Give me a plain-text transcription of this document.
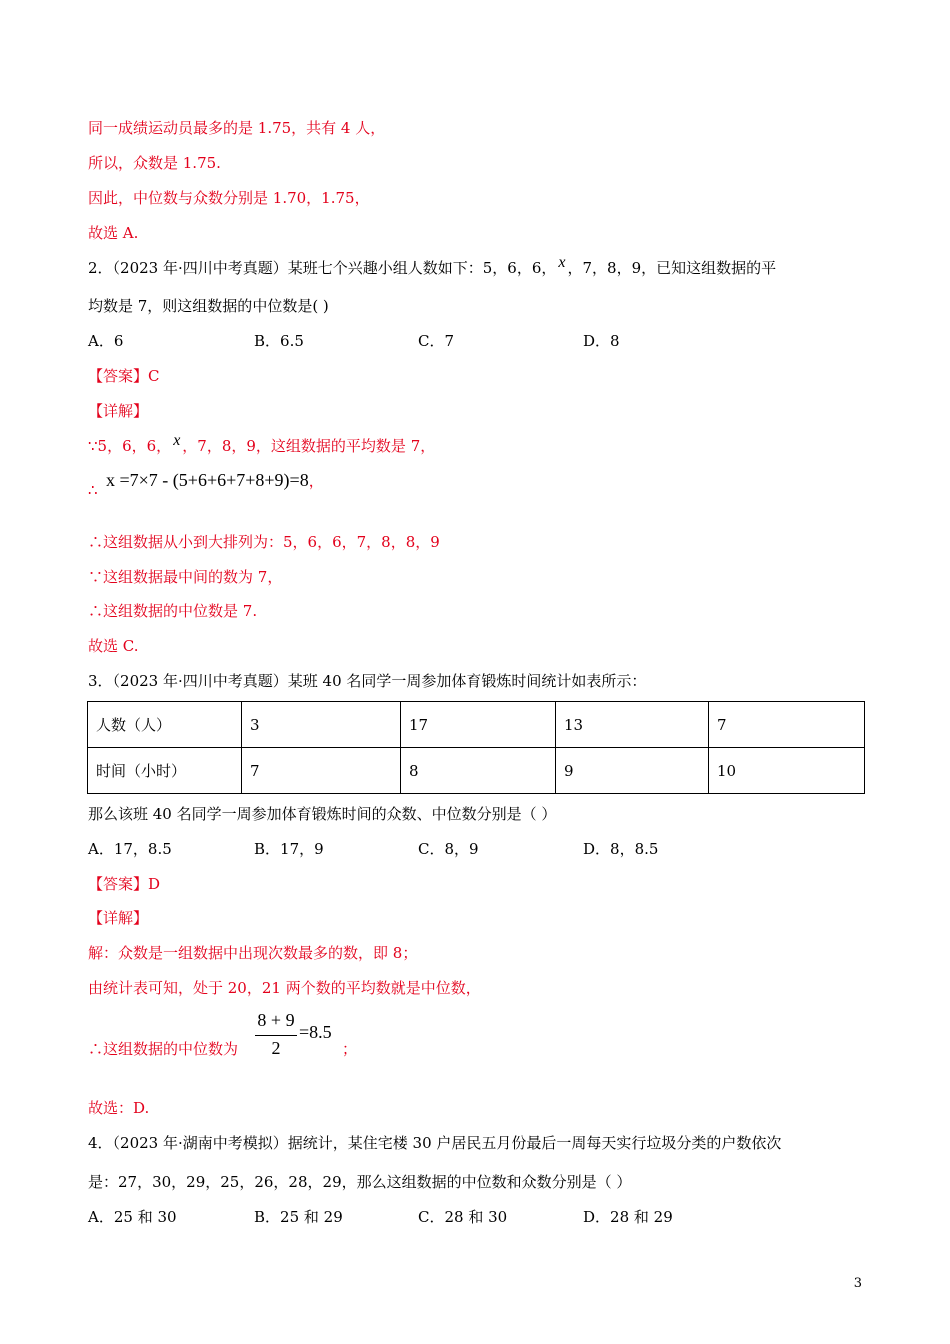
同一成绩运动员最多的是 1.75，共有 4 人，
所以，众数是 1.75.
因此，中位数与众数分别是 1.70，1.75，
故选 A.
2．（2023 年·四川中考真题）某班七个兴趣小组人数如下：5，6，6， x ，7，8，9，已知这组数据的平
均数是 7，则这组数据的中位数是( )
A．6	B．6.5	C．7	D．8
【答案】C
【详解】
∵5，6，6， x ，7，8，9，这组数据的平均数是 7，
∴ x =7×7 - (5+6+6+7+8+9)=8，
∴这组数据从小到大排列为：5，6，6，7，8，8，9
∵这组数据最中间的数为 7，
∴这组数据的中位数是 7.
故选 C.
3．（2023 年·四川中考真题）某班 40 名同学一周参加体育锻炼时间统计如表所示：
人数（人）	3	17	13	7
时间（小时）	7	8	9	10
那么该班 40 名同学一周参加体育锻炼时间的众数、中位数分别是（ ）
A．17，8.5	B．17，9	C．8，9	D．8，8.5
【答案】D
【详解】
解：众数是一组数据中出现次数最多的数，即 8；
由统计表可知，处于 20，21 两个数的平均数就是中位数，
∴这组数据的中位数为
8 + 9
2
=8.5
；
故选：D.
4．（2023 年·湖南中考模拟）据统计，某住宅楼 30 户居民五月份最后一周每天实行垃圾分类的户数依次
是：27，30，29，25，26，28，29，那么这组数据的中位数和众数分别是（ ）
A．25 和 30	B．25 和 29	C．28 和 30	D．28 和 29
3
